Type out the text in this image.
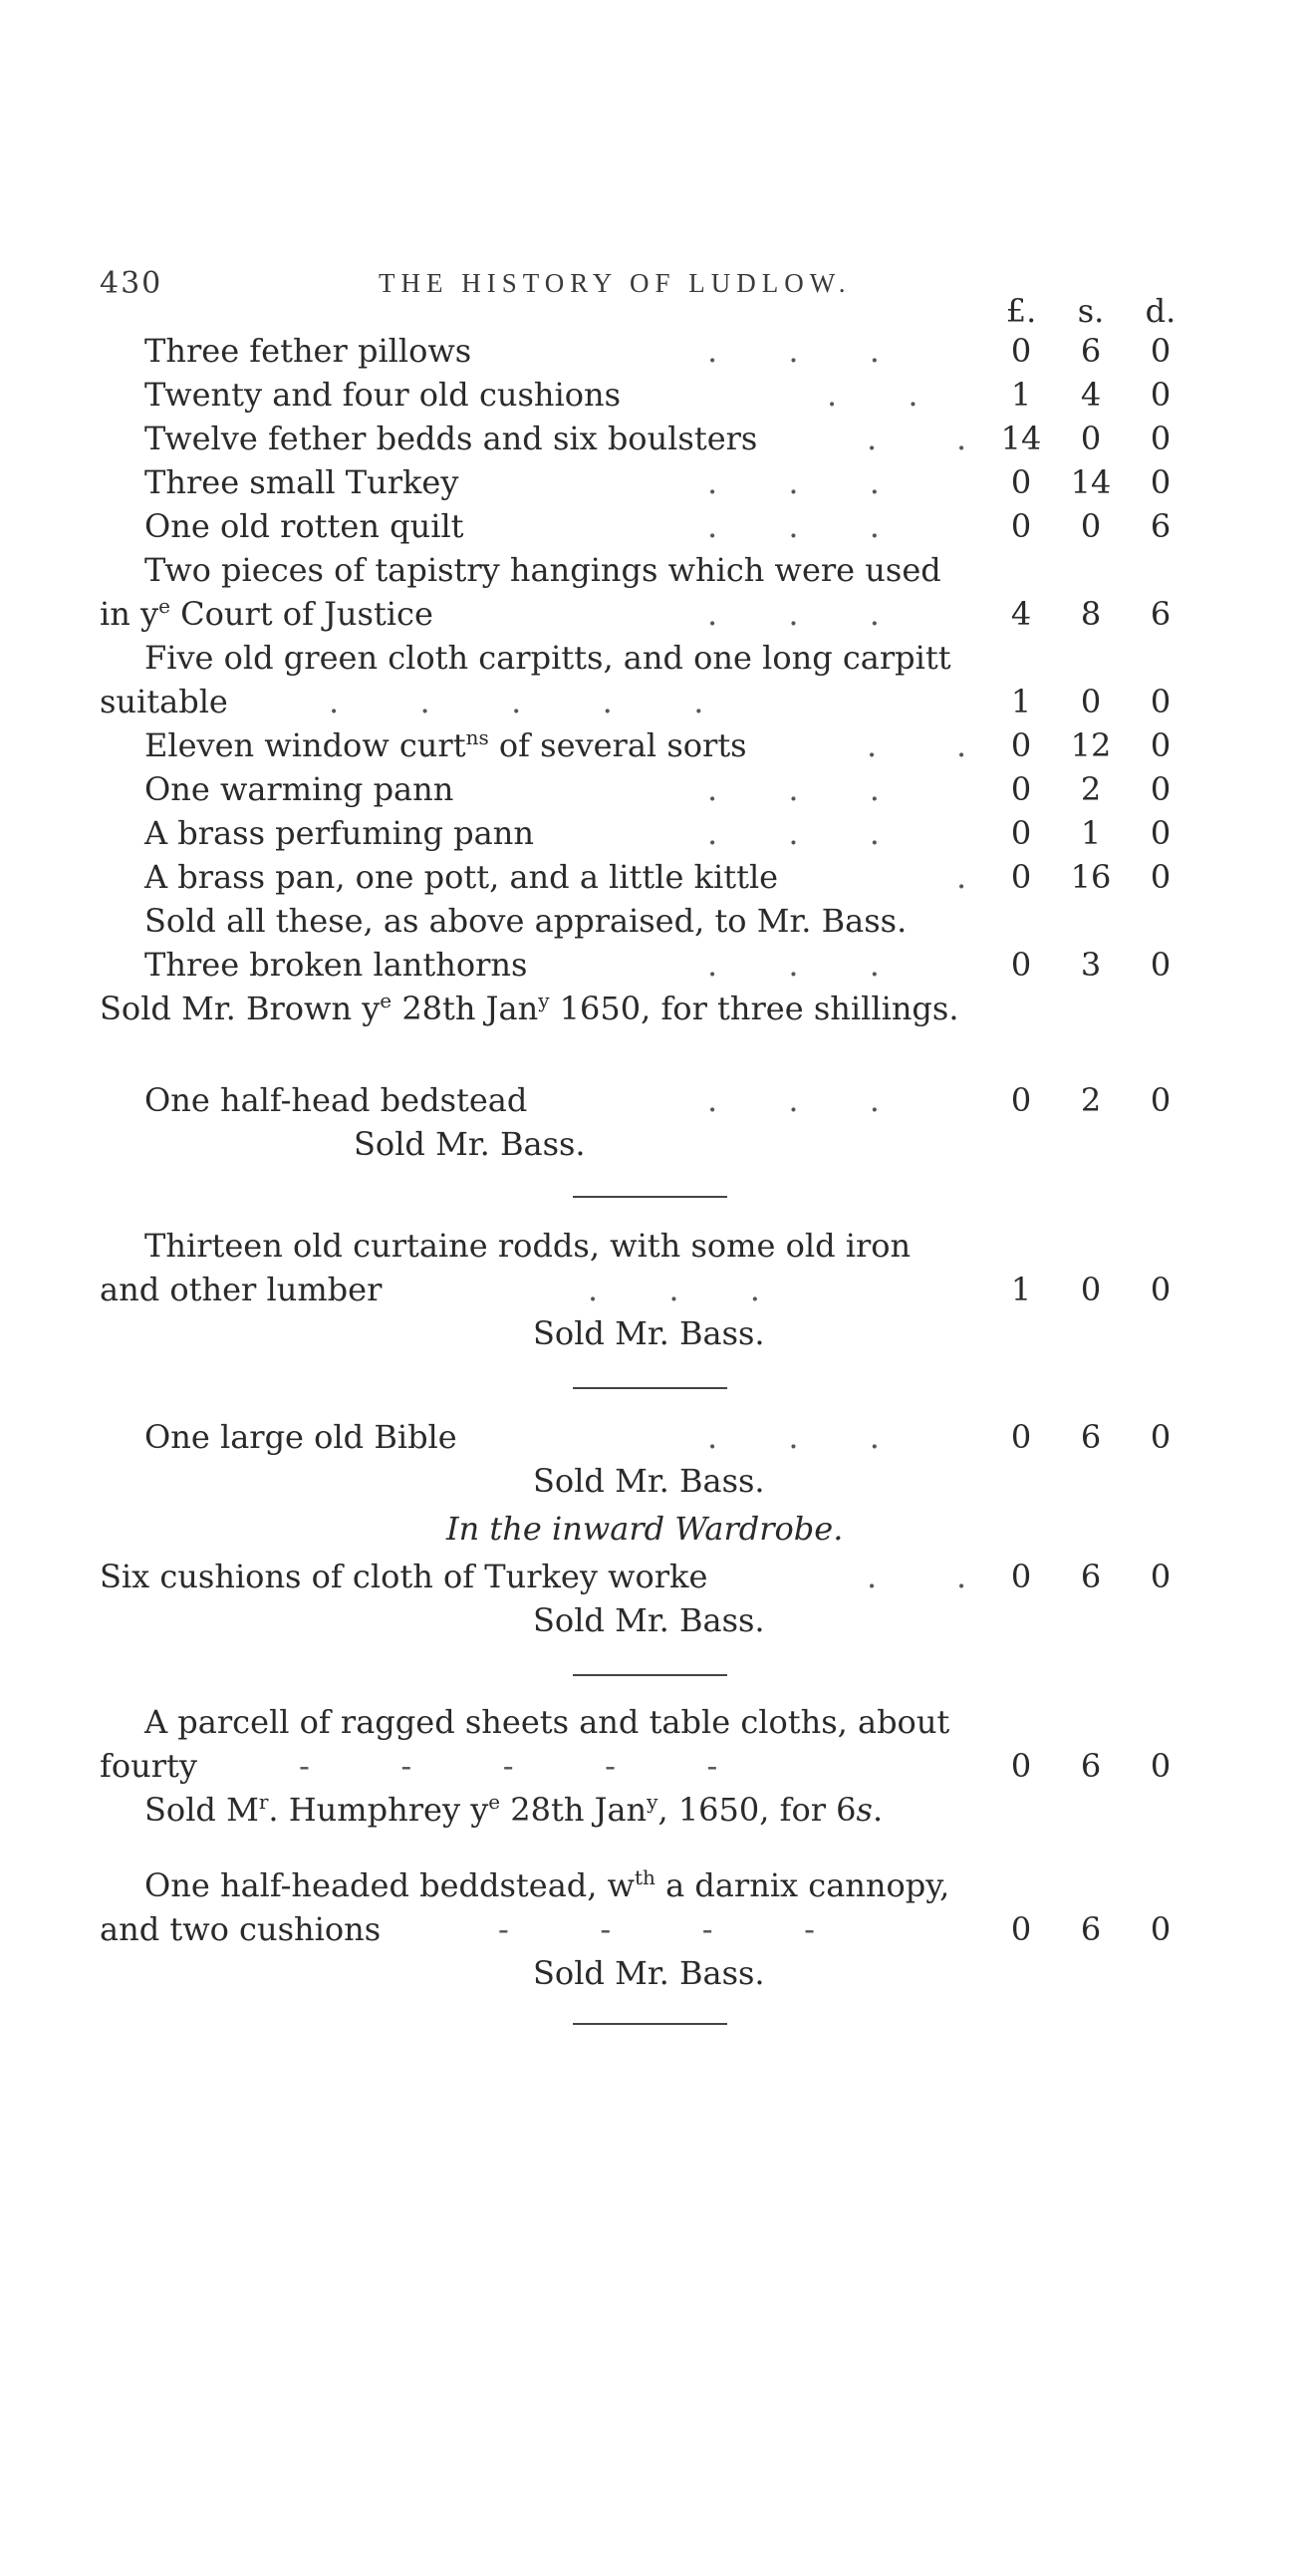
430	THE HISTORY OF LUDLOW.
£.	s.	d.
Three fether pillows	.       .       .	0	6	0
Twenty and four old cushions	.       .	1	4	0
Twelve fether bedds and six boulsters	. . 14	0	0
Three small Turkey	.       .       .	0	14	0
One old rotten quilt	.       .       .	0	0	6
Two pieces of tapistry hangings which were used
in $y^e$ Court of Justice	.       .       .	4	8	6
Five old green cloth carpitts, and one long carpitt
suitable	.        .        .        .        .	1	0	0
Eleven window curt$^{ns}$ of several sorts	. .	0	12	0
One warming pann	.       .       .	0	2	0
A brass perfuming pann	.       .       .	0	1	0
A brass pan, one pott, and a little kittle	.	0	16	0
Sold all these, as above appraised, to Mr. Bass.
Three broken lanthorns	.       .       .	0	3	0
Sold Mr. Brown $y^e$ 28th Jan$^y$ 1650, for three shillings.
One half-head bedstead	.       .       .	0	2	0
Sold Mr. Bass.
Thirteen old curtaine rodds, with some old iron
and other lumber	.       .       .	1	0	0
Sold Mr. Bass.
One large old Bible	.       .       .	0	6	0
Sold Mr. Bass.
In the inward Wardrobe.
Six cushions of cloth of Turkey worke	. .	0	6	0
Sold Mr. Bass.
A parcell of ragged sheets and table cloths, about
fourty	-         -         -         -         -	0	6	0
Sold $M^r$. Humphrey $y^e$ 28th Jan$^y$, 1650, for 6s.
One half-headed beddstead, $w^{th}$ a darnix cannopy,
and two cushions	-         -         -         -	0	6	0
Sold Mr. Bass.
